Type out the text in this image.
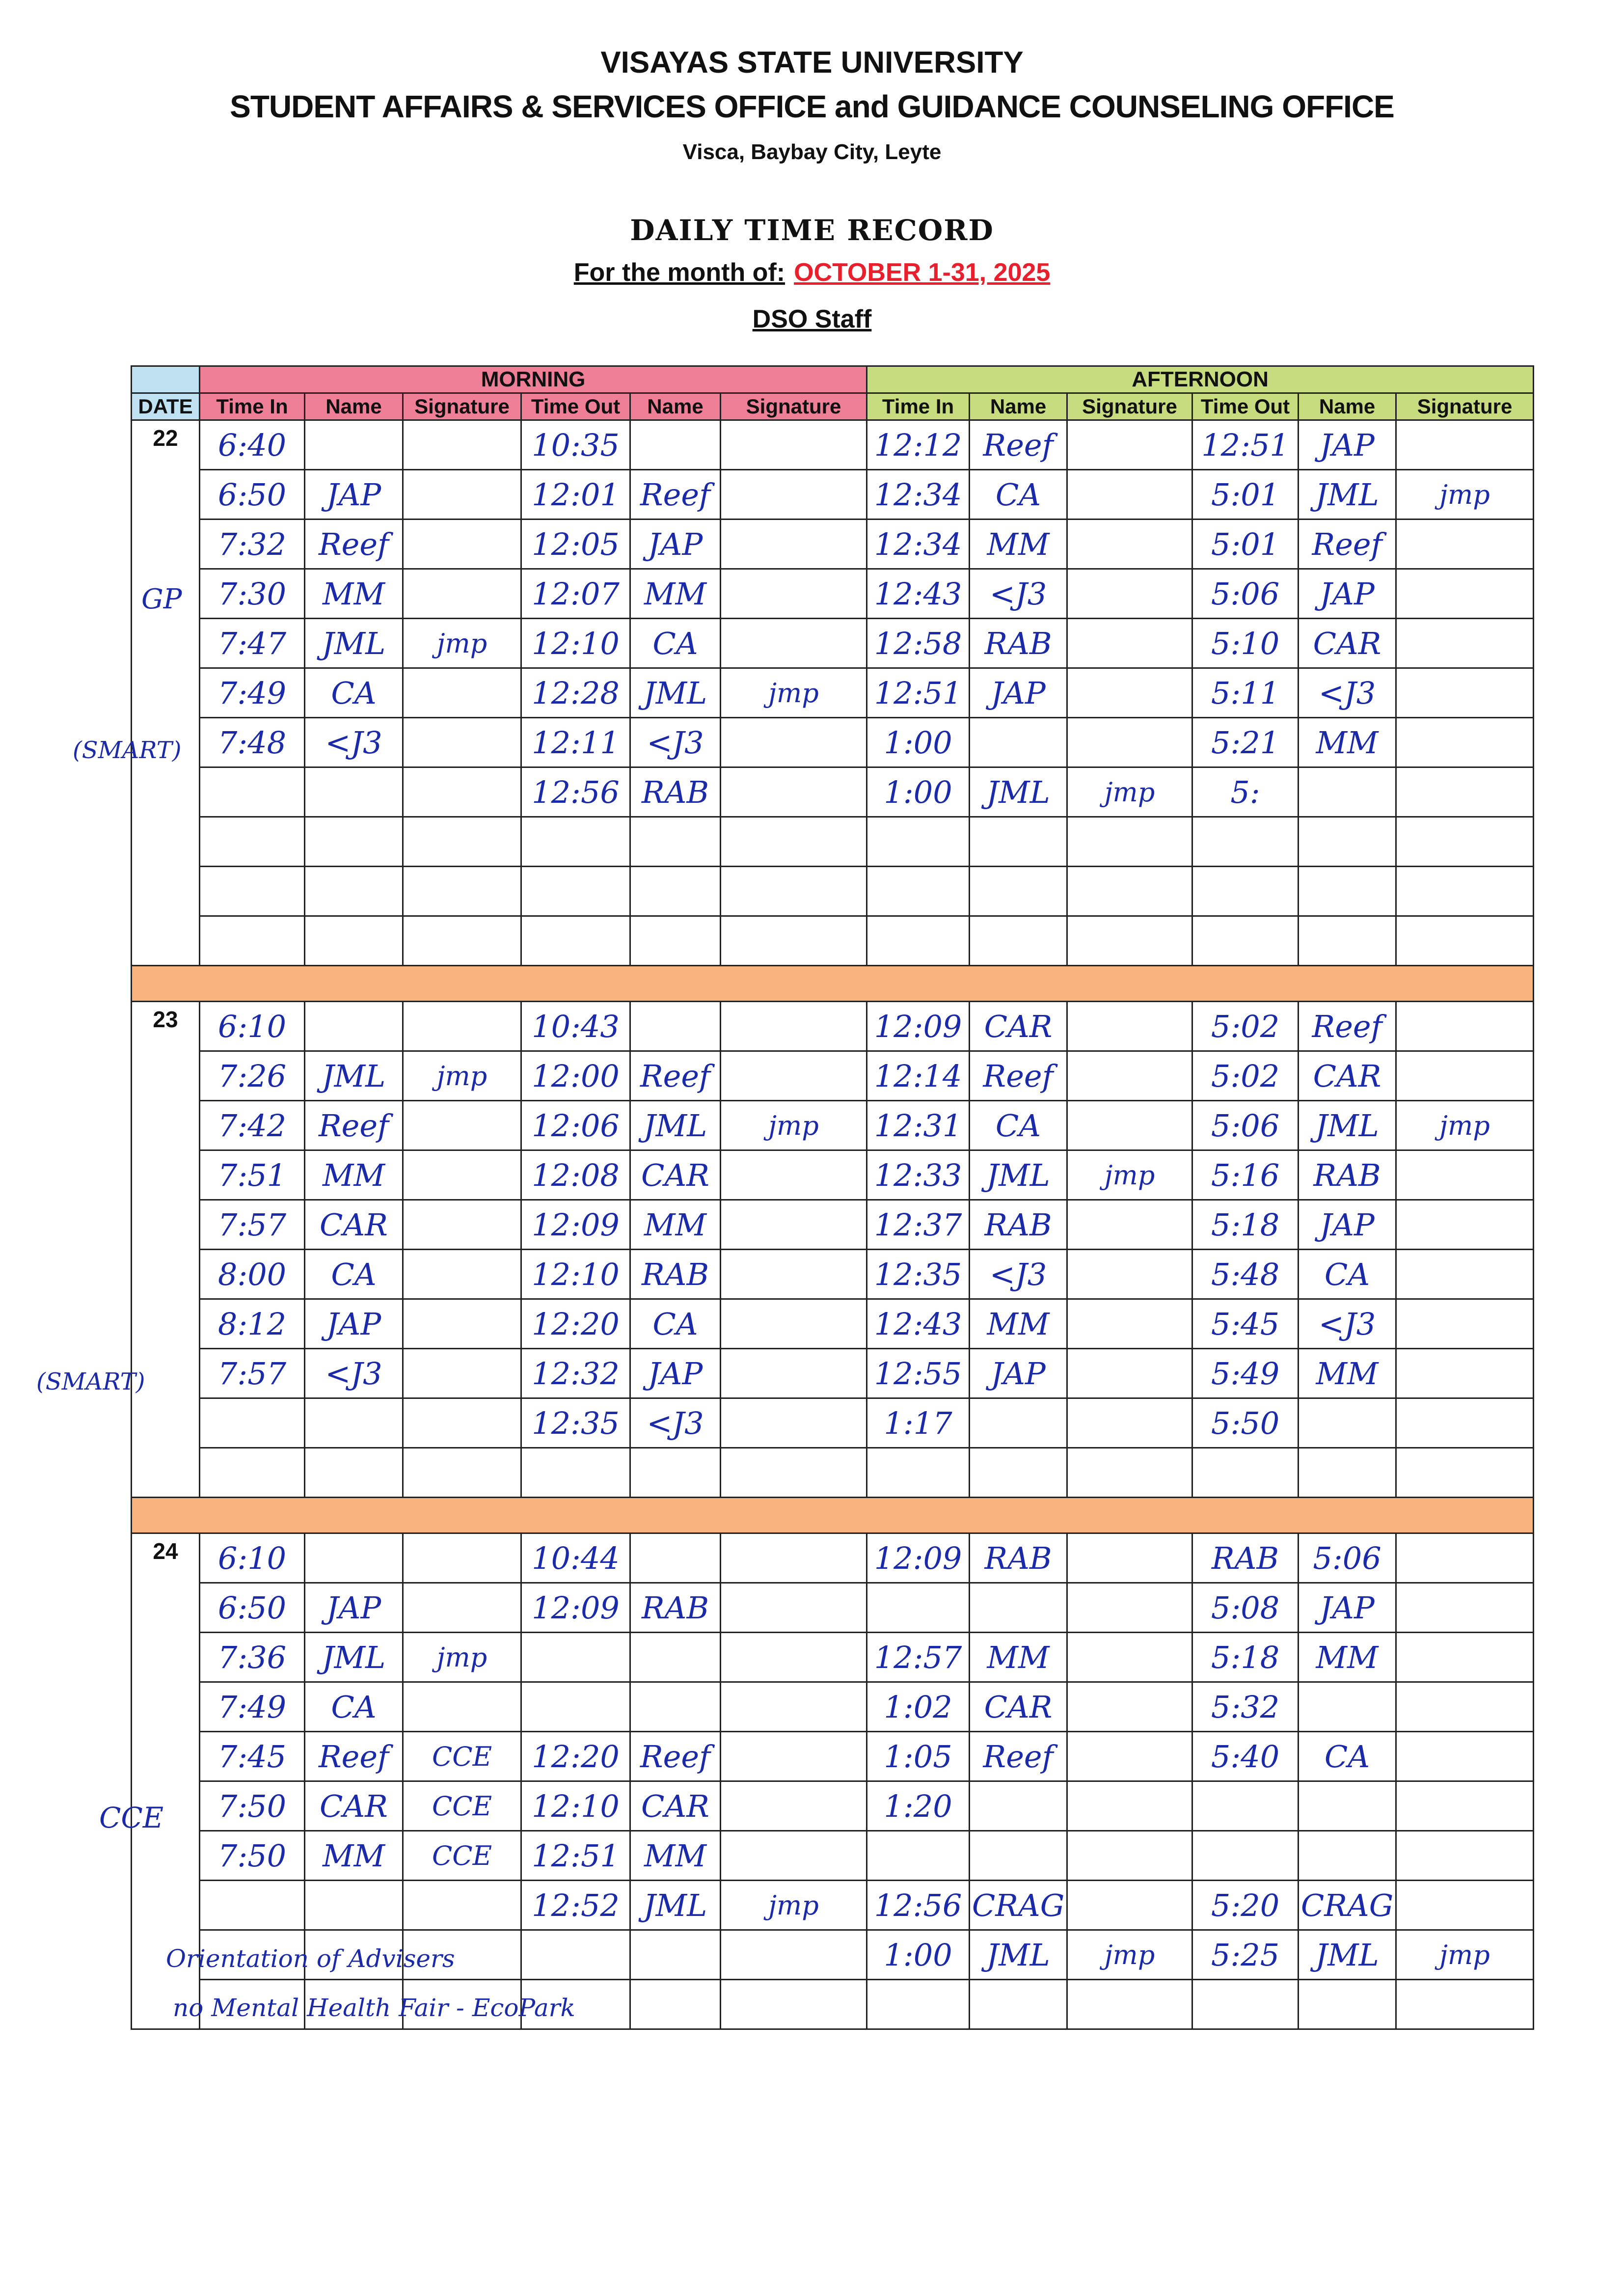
VISAYAS STATE UNIVERSITY
STUDENT AFFAIRS & SERVICES OFFICE and GUIDANCE COUNSELING OFFICE
Visca, Baybay City, Leyte
DAILY TIME RECORD
For the month of: OCTOBER 1-31, 2025
DSO Staff
	MORNING						AFTERNOON					
DATE	Time In	Name	Signature	Time Out	Name	Signature	Time In	Name	Signature	Time Out	Name	Signature
22	6:40			10:35			12:12	Reef		12:51	JAP	
	6:50	JAP		12:01	Reef		12:34	CA		5:01	JML	jmp
	7:32	Reef		12:05	JAP		12:34	MM		5:01	Reef	
	7:30	MM		12:07	MM		12:43	<J3		5:06	JAP	
	7:47	JML	jmp	12:10	CA		12:58	RAB		5:10	CAR	
	7:49	CA		12:28	JML	jmp	12:51	JAP		5:11	<J3	
	7:48	<J3		12:11	<J3		1:00			5:21	MM	
				12:56	RAB		1:00	JML	jmp	5:		

23	6:10			10:43			12:09	CAR		5:02	Reef	
	7:26	JML	jmp	12:00	Reef		12:14	Reef		5:02	CAR	
	7:42	Reef		12:06	JML	jmp	12:31	CA		5:06	JML	jmp
	7:51	MM		12:08	CAR		12:33	JML	jmp	5:16	RAB	
	7:57	CAR		12:09	MM		12:37	RAB		5:18	JAP	
	8:00	CA		12:10	RAB		12:35	<J3		5:48	CA	
	8:12	JAP		12:20	CA		12:43	MM		5:45	<J3	
	7:57	<J3		12:32	JAP		12:55	JAP		5:49	MM	
				12:35	<J3		1:17			5:50		

24	6:10			10:44			12:09	RAB		RAB	5:06	
	6:50	JAP		12:09	RAB					5:08	JAP	
	7:36	JML	jmp				12:57	MM		5:18	MM	
	7:49	CA					1:02	CAR		5:32		
	7:45	Reef	CCE	12:20	Reef		1:05	Reef		5:40	CA	
	7:50	CAR	CCE	12:10	CAR		1:20					
	7:50	MM	CCE	12:51	MM							
				12:52	JML	jmp	12:56	CRAG		5:20	CRAG	
							1:00	JML	jmp	5:25	JML	jmp

GP
(SMART)
(SMART)
CCE
Orientation of Advisers
no Mental Health Fair - EcoPark
